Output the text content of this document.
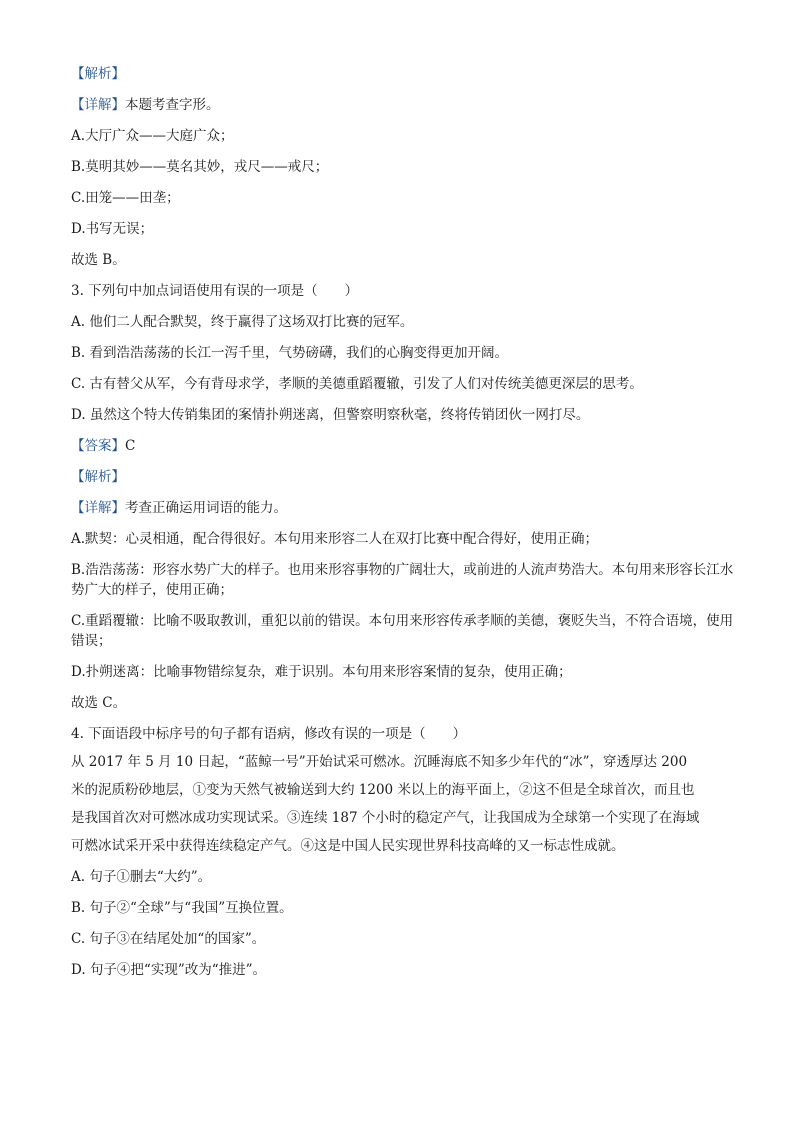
【解析】
【详解】本题考查字形。
A.大厅广众——大庭广众；
B.莫明其妙——莫名其妙，戎尺——戒尺；
C.田笼——田垄；
D.书写无误；
故选 B。
3. 下列句中加点词语使用有误的一项是（　　）
A. 他们二人配合默契，终于赢得了这场双打比赛的冠军。
B. 看到浩浩荡荡的长江一泻千里，气势磅礴，我们的心胸变得更加开阔。
C. 古有替父从军，今有背母求学，孝顺的美德重蹈覆辙，引发了人们对传统美德更深层的思考。
D. 虽然这个特大传销集团的案情扑朔迷离，但警察明察秋毫，终将传销团伙一网打尽。
【答案】C
【解析】
【详解】考查正确运用词语的能力。
A.默契：心灵相通，配合得很好。本句用来形容二人在双打比赛中配合得好，使用正确；
B.浩浩荡荡：形容水势广大的样子。也用来形容事物的广阔壮大，或前进的人流声势浩大。本句用来形容长江水势广大的样子，使用正确；
C.重蹈覆辙：比喻不吸取教训，重犯以前的错误。本句用来形容传承孝顺的美德，褒贬失当，不符合语境，使用错误；
D.扑朔迷离：比喻事物错综复杂，难于识别。本句用来形容案情的复杂，使用正确；
故选 C。
4. 下面语段中标序号的句子都有语病，修改有误的一项是（　　）
从 2017 年 5 月 10 日起，“蓝鲸一号”开始试采可燃冰。沉睡海底不知多少年代的“冰”，穿透厚达 200
米的泥质粉砂地层，①变为天然气被输送到大约 1200 米以上的海平面上，②这不但是全球首次，而且也
是我国首次对可燃冰成功实现试采。③连续 187 个小时的稳定产气，让我国成为全球第一个实现了在海域
可燃冰试采开采中获得连续稳定产气。④这是中国人民实现世界科技高峰的又一标志性成就。
A. 句子①删去“大约”。
B. 句子②“全球”与“我国”互换位置。
C. 句子③在结尾处加“的国家”。
D. 句子④把“实现”改为“推进”。
